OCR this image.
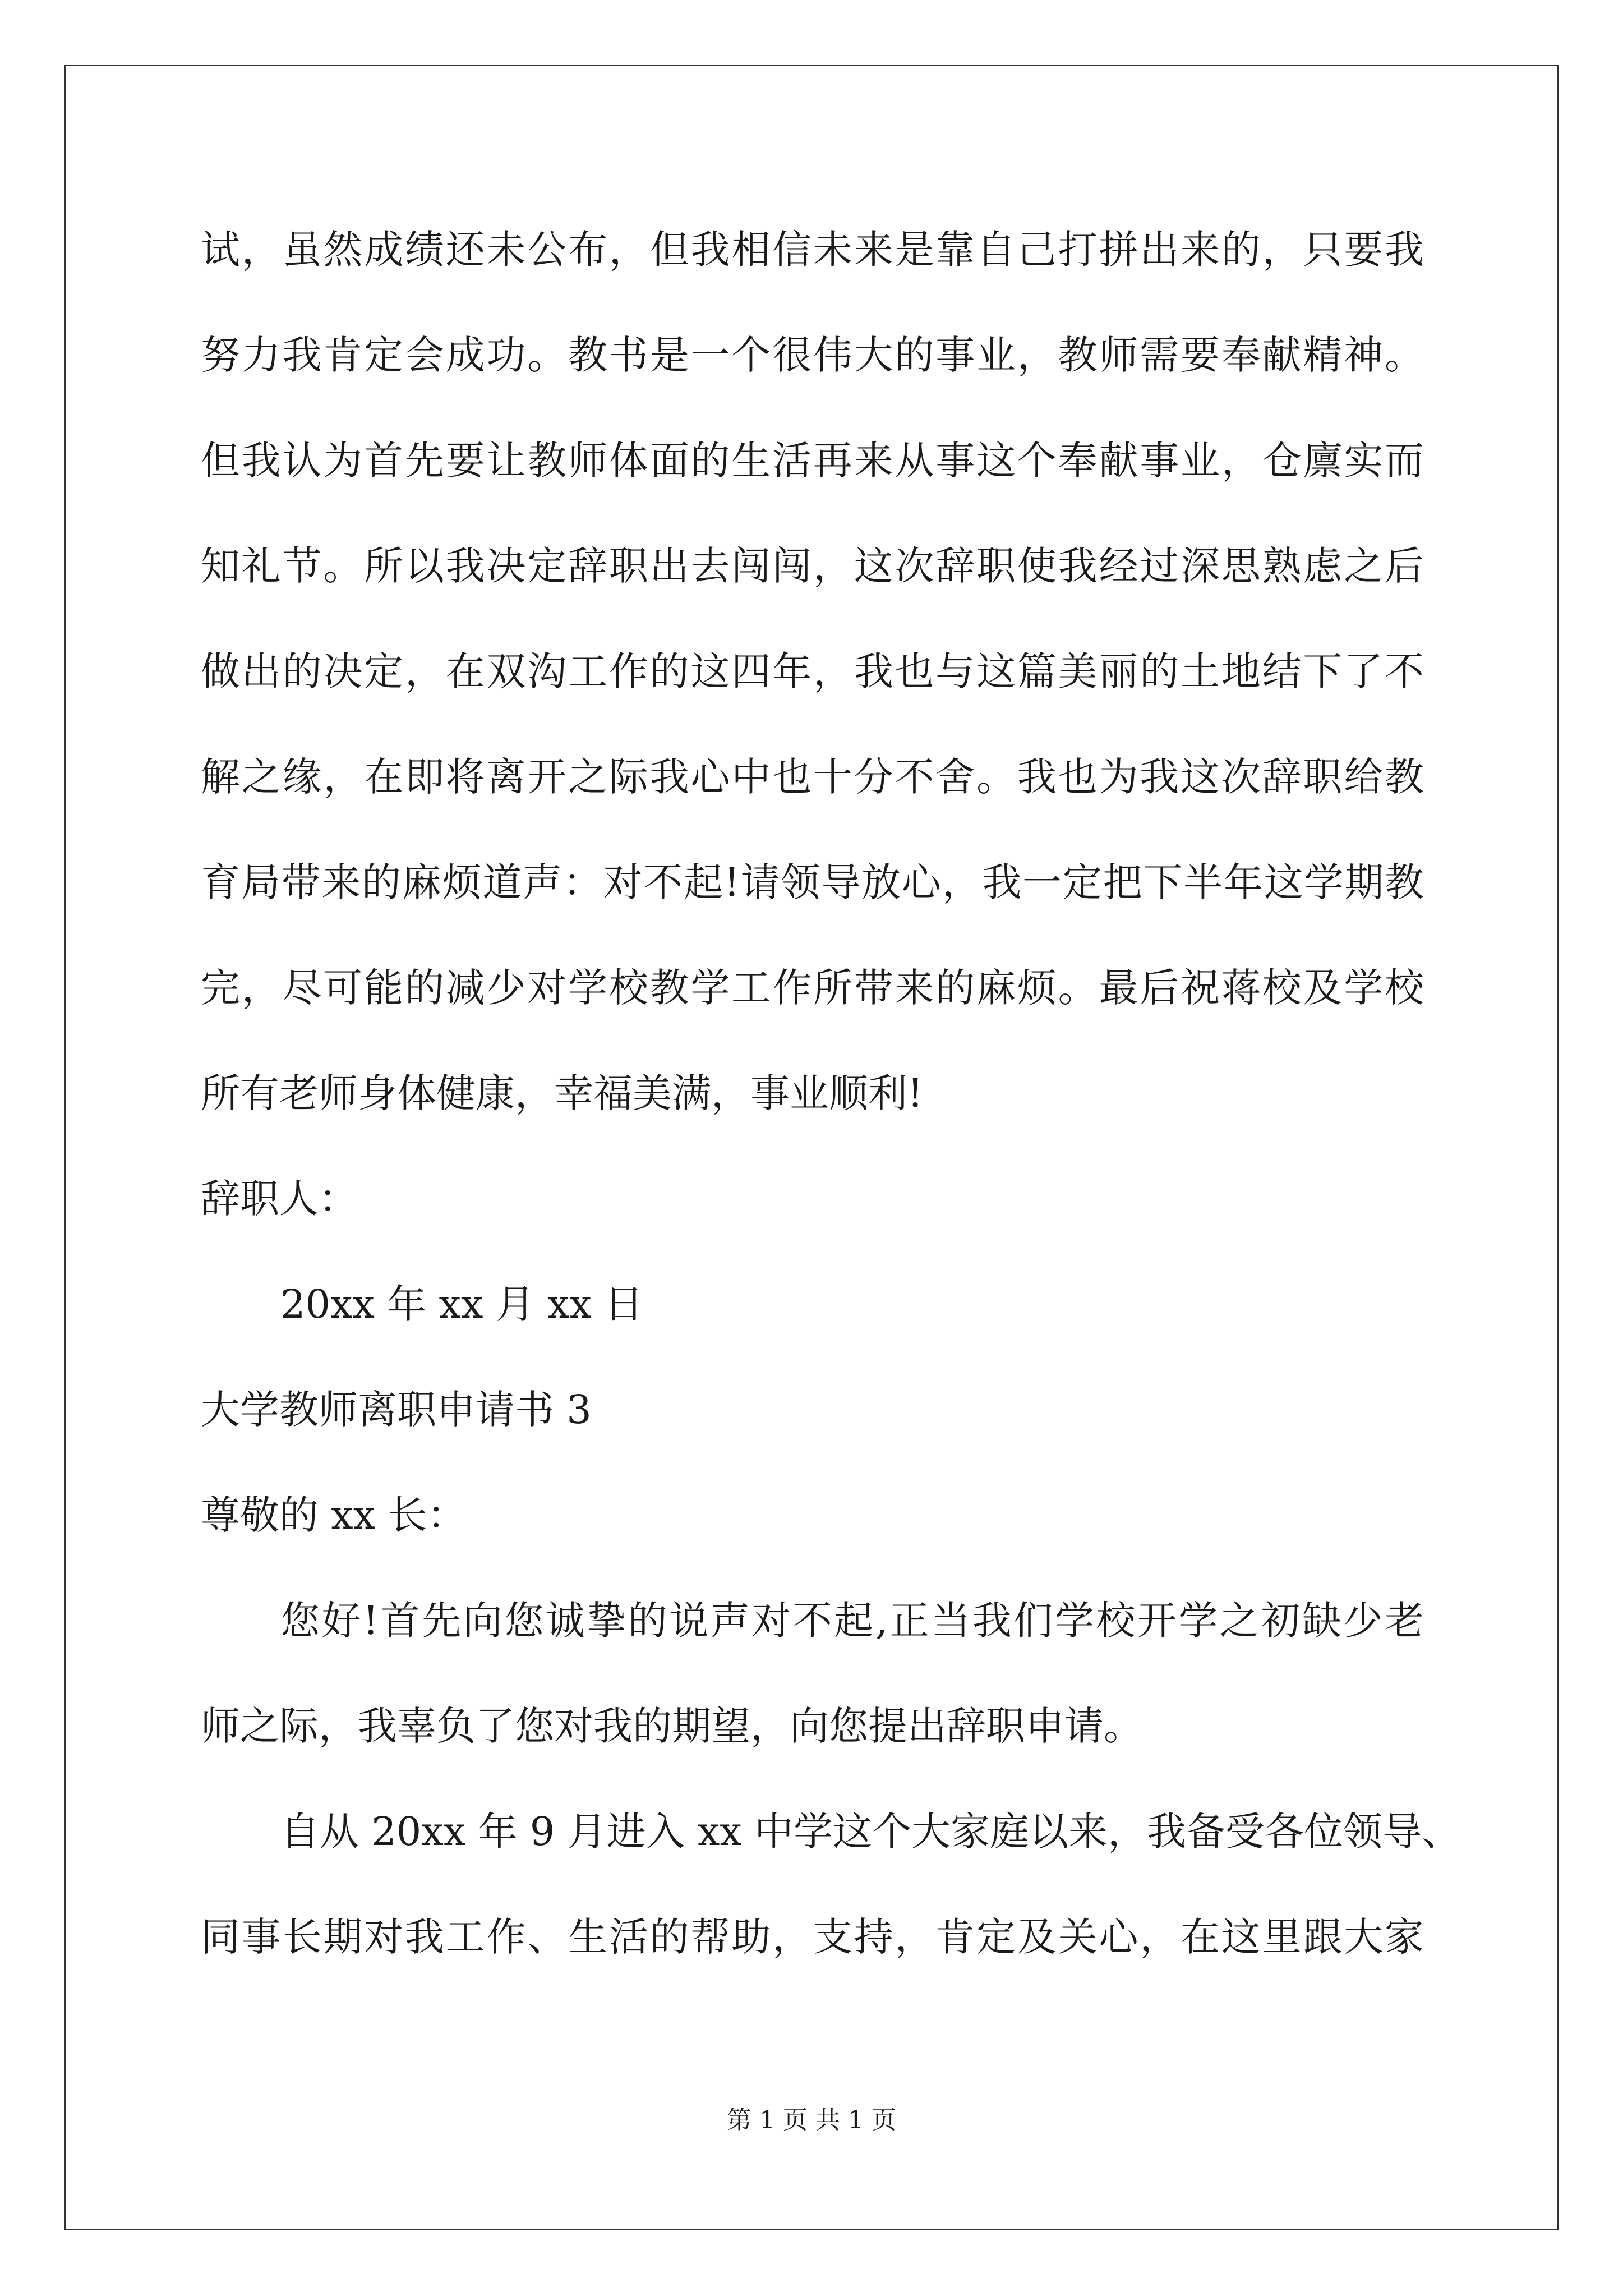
试，虽然成绩还未公布，但我相信未来是靠自己打拼出来的，只要我
努力我肯定会成功。教书是一个很伟大的事业，教师需要奉献精神。
但我认为首先要让教师体面的生活再来从事这个奉献事业，仓廪实而
知礼节。所以我决定辞职出去闯闯，这次辞职使我经过深思熟虑之后
做出的决定，在双沟工作的这四年，我也与这篇美丽的土地结下了不
解之缘，在即将离开之际我心中也十分不舍。我也为我这次辞职给教
育局带来的麻烦道声：对不起!请领导放心，我一定把下半年这学期教
完，尽可能的减少对学校教学工作所带来的麻烦。最后祝蒋校及学校
所有老师身体健康，幸福美满，事业顺利!
辞职人：
20xx 年 xx 月 xx 日
大学教师离职申请书 3
尊敬的 xx 长：
您好!首先向您诚挚的说声对不起,正当我们学校开学之初缺少老
师之际，我辜负了您对我的期望，向您提出辞职申请。
自从 20xx 年 9 月进入 xx 中学这个大家庭以来，我备受各位领导、
同事长期对我工作、生活的帮助，支持，肯定及关心，在这里跟大家
第 1 页 共 1 页
